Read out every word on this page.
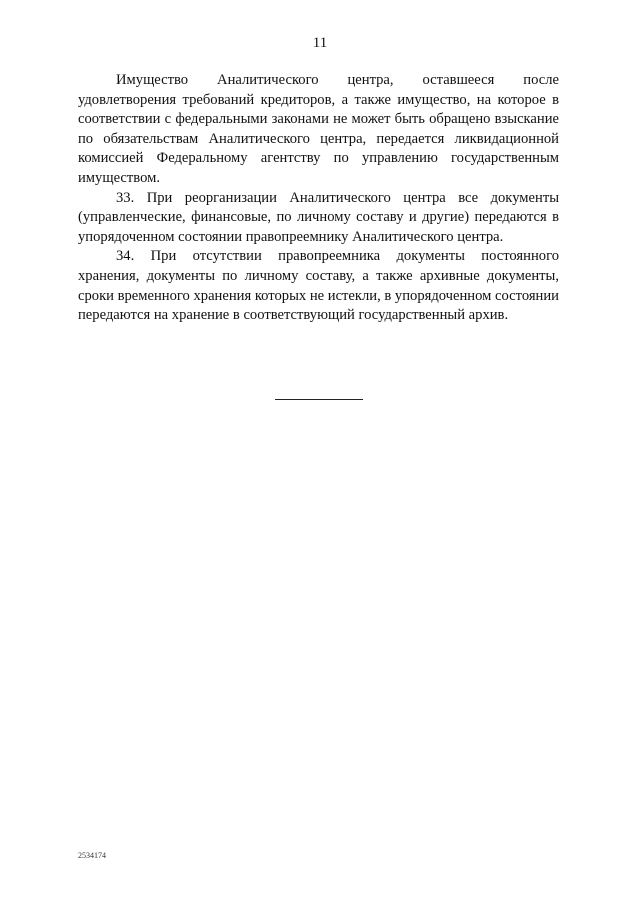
11

Имущество Аналитического центра, оставшееся после удовлетворения требований кредиторов, а также имущество, на которое в соответствии с федеральными законами не может быть обращено взыскание по обязательствам Аналитического центра, передается ликвидационной комиссией Федеральному агентству по управлению государственным имуществом.

33. При реорганизации Аналитического центра все документы (управленческие, финансовые, по личному составу и другие) передаются в упорядоченном состоянии правопреемнику Аналитического центра.

34. При отсутствии правопреемника документы постоянного хранения, документы по личному составу, а также архивные документы, сроки временного хранения которых не истекли, в упорядоченном состоянии передаются на хранение в соответствующий государственный архив.

2534174
